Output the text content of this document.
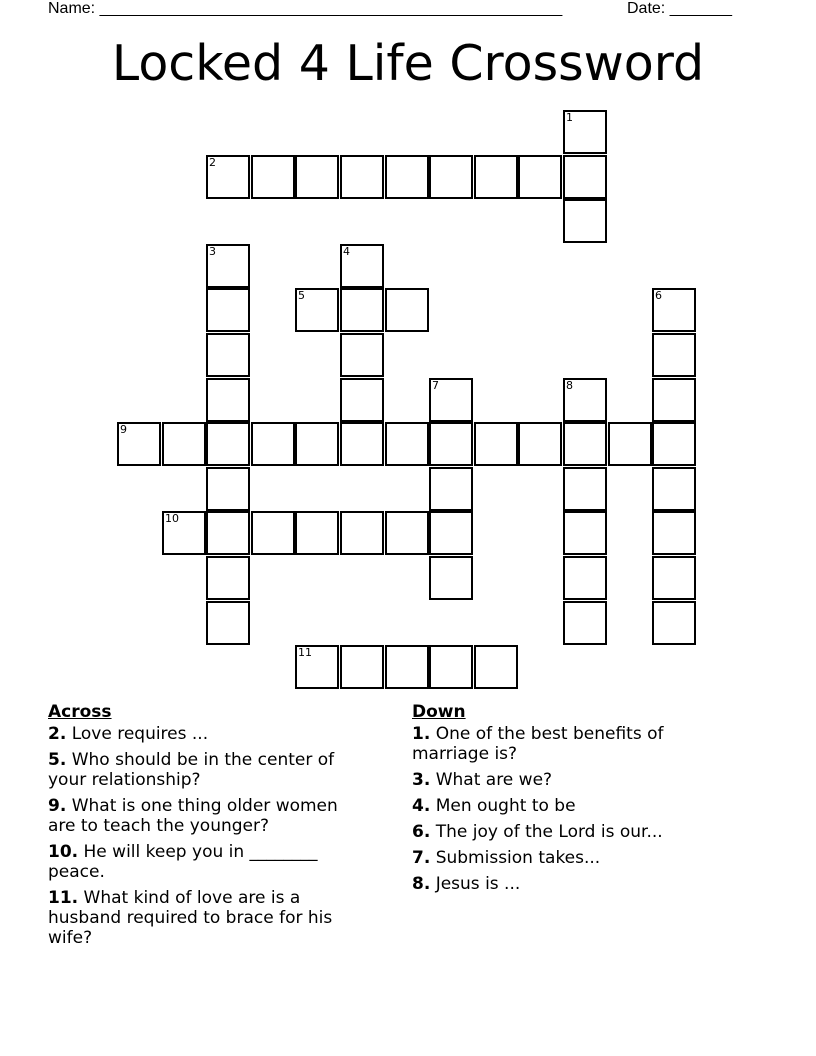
Name: ____________________________________________________	Date: _______
Locked 4 Life Crossword
1
2
3	4
5	6
7	8
9
10
11
Across
2. Love requires ...
5. Who should be in the center of your relationship?
9. What is one thing older women are to teach the younger?
10. He will keep you in ________ peace.
11. What kind of love are is a husband required to brace for his wife?
Down
1. One of the best benefits of marriage is?
3. What are we?
4. Men ought to be
6. The joy of the Lord is our...
7. Submission takes...
8. Jesus is ...
